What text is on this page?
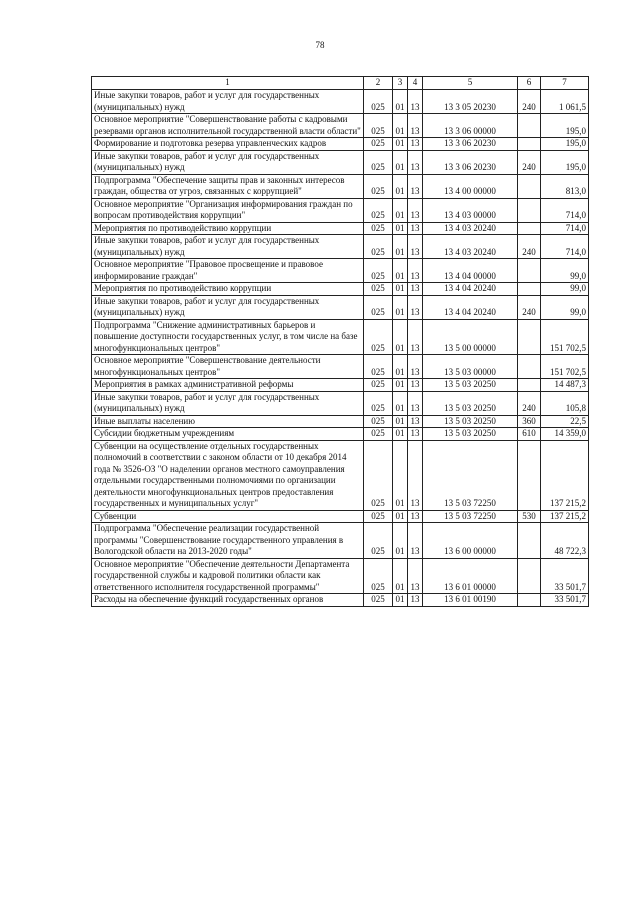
78
1	2	3	4	5	6	7
Иные закупки товаров, работ и услуг для государственных (муниципальных) нужд	025	01	13	13 3 05 20230	240	1 061,5
Основное мероприятие "Совершенствование работы с кадровыми резервами органов исполнительной государственной власти области"	025	01	13	13 3 06 00000		195,0
Формирование и подготовка резерва управленческих кадров	025	01	13	13 3 06 20230		195,0
Иные закупки товаров, работ и услуг для государственных (муниципальных) нужд	025	01	13	13 3 06 20230	240	195,0
Подпрограмма "Обеспечение защиты прав и законных интересов граждан, общества от угроз, связанных с коррупцией"	025	01	13	13 4 00 00000		813,0
Основное мероприятие "Организация информирования граждан по вопросам противодействия коррупции"	025	01	13	13 4 03 00000		714,0
Мероприятия по противодействию коррупции	025	01	13	13 4 03 20240		714,0
Иные закупки товаров, работ и услуг для государственных (муниципальных) нужд	025	01	13	13 4 03 20240	240	714,0
Основное мероприятие "Правовое просвещение и правовое информирование граждан"	025	01	13	13 4 04 00000		99,0
Мероприятия по противодействию коррупции	025	01	13	13 4 04 20240		99,0
Иные закупки товаров, работ и услуг для государственных (муниципальных) нужд	025	01	13	13 4 04 20240	240	99,0
Подпрограмма "Снижение административных барьеров и повышение доступности государственных услуг, в том числе на базе многофункциональных центров"	025	01	13	13 5 00 00000		151 702,5
Основное мероприятие "Совершенствование деятельности многофункциональных центров"	025	01	13	13 5 03 00000		151 702,5
Мероприятия в рамках административной реформы	025	01	13	13 5 03 20250		14 487,3
Иные закупки товаров, работ и услуг для государственных (муниципальных) нужд	025	01	13	13 5 03 20250	240	105,8
Иные выплаты населению	025	01	13	13 5 03 20250	360	22,5
Субсидии бюджетным учреждениям	025	01	13	13 5 03 20250	610	14 359,0
Субвенции на осуществление отдельных государственных полномочий в соответствии с законом области от 10 декабря 2014 года № 3526-ОЗ "О наделении органов местного самоуправления отдельными государственными полномочиями по организации деятельности многофункциональных центров предоставления государственных и муниципальных услуг"	025	01	13	13 5 03 72250		137 215,2
Субвенции	025	01	13	13 5 03 72250	530	137 215,2
Подпрограмма "Обеспечение реализации государственной программы "Совершенствование государственного управления в Вологодской области на 2013-2020 годы"	025	01	13	13 6 00 00000		48 722,3
Основное мероприятие "Обеспечение деятельности Департамента государственной службы и кадровой политики области как ответственного исполнителя государственной программы"	025	01	13	13 6 01 00000		33 501,7
Расходы на обеспечение функций государственных органов	025	01	13	13 6 01 00190		33 501,7
